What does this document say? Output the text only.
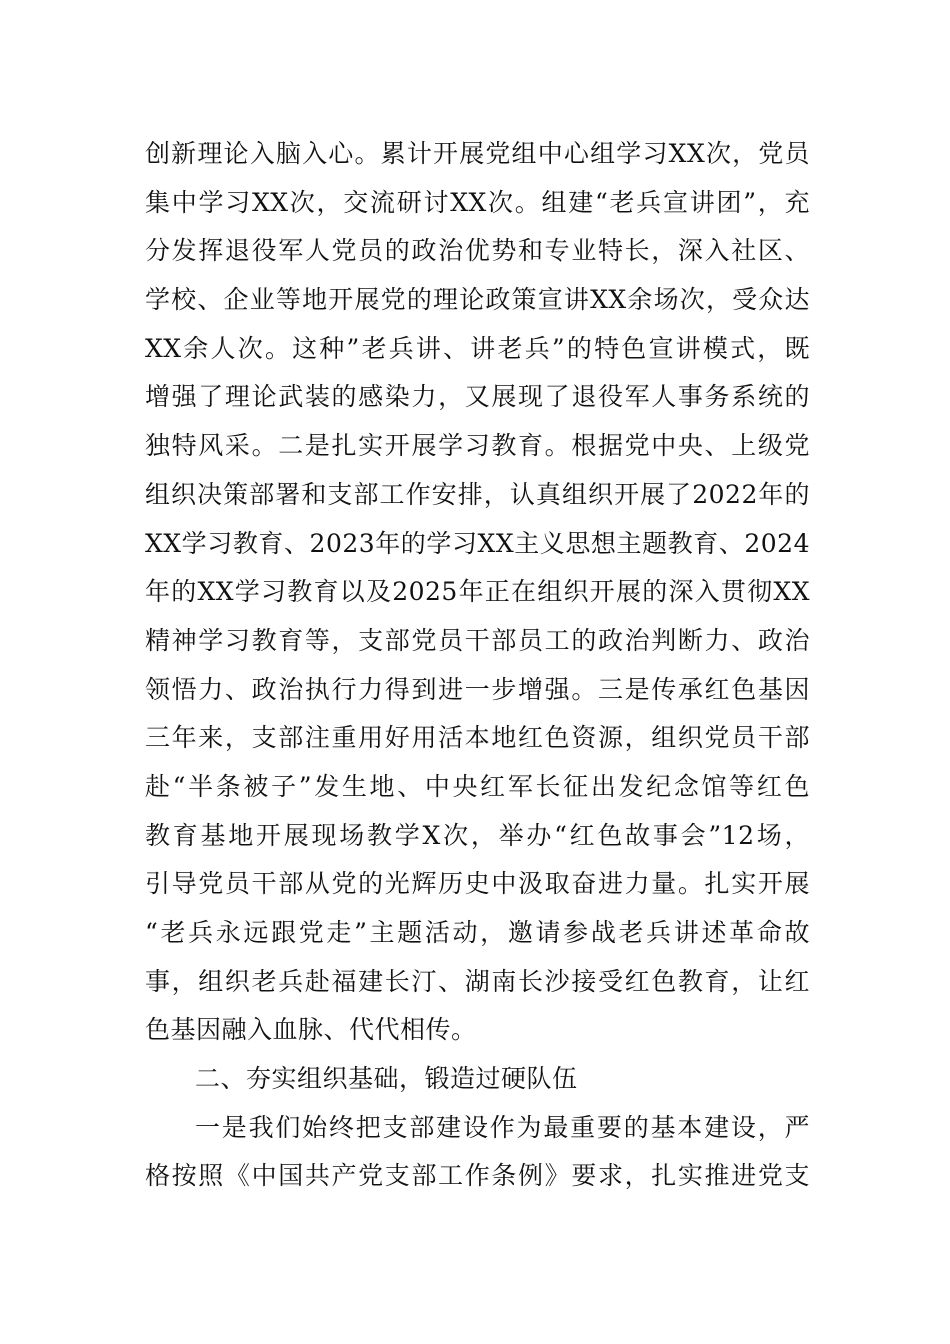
创新理论入脑入心。累计开展党组中心组学习XX次，党员
集中学习XX次，交流研讨XX次。组建“老兵宣讲团”，充
分发挥退役军人党员的政治优势和专业特长，深入社区、
学校、企业等地开展党的理论政策宣讲XX余场次，受众达
XX余人次。这种”老兵讲、讲老兵”的特色宣讲模式，既
增强了理论武装的感染力，又展现了退役军人事务系统的
独特风采。二是扎实开展学习教育。根据党中央、上级党
组织决策部署和支部工作安排，认真组织开展了2022年的
XX学习教育、2023年的学习XX主义思想主题教育、2024
年的XX学习教育以及2025年正在组织开展的深入贯彻XX
精神学习教育等，支部党员干部员工的政治判断力、政治
领悟力、政治执行力得到进一步增强。三是传承红色基因
三年来，支部注重用好用活本地红色资源，组织党员干部
赴“半条被子”发生地、中央红军长征出发纪念馆等红色
教育基地开展现场教学X次，举办“红色故事会”12场，
引导党员干部从党的光辉历史中汲取奋进力量。扎实开展
“老兵永远跟党走”主题活动，邀请参战老兵讲述革命故
事，组织老兵赴福建长汀、湖南长沙接受红色教育，让红
色基因融入血脉、代代相传。
二、夯实组织基础，锻造过硬队伍
一是我们始终把支部建设作为最重要的基本建设，严
格按照《中国共产党支部工作条例》要求，扎实推进党支
